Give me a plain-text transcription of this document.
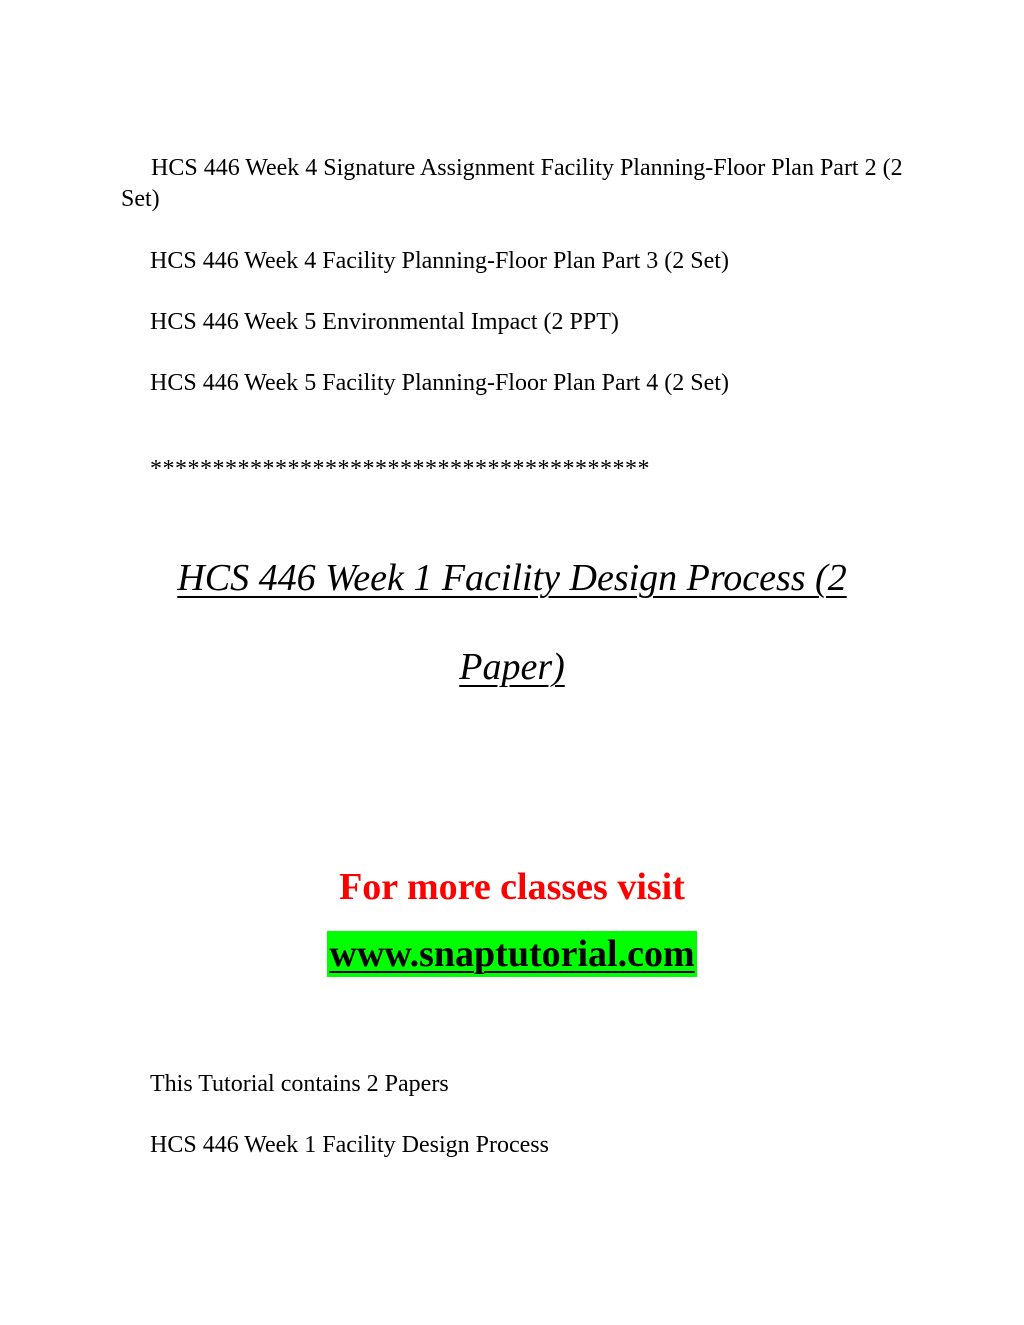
HCS 446 Week 4 Signature Assignment Facility Planning-Floor Plan Part 2 (2 Set)
HCS 446 Week 4 Facility Planning-Floor Plan Part 3 (2 Set)
HCS 446 Week 5 Environmental Impact (2 PPT)
HCS 446 Week 5 Facility Planning-Floor Plan Part 4 (2 Set)
****************************************
HCS 446 Week 1 Facility Design Process (2
Paper)
For more classes visit
www.snaptutorial.com
This Tutorial contains 2 Papers
HCS 446 Week 1 Facility Design Process
